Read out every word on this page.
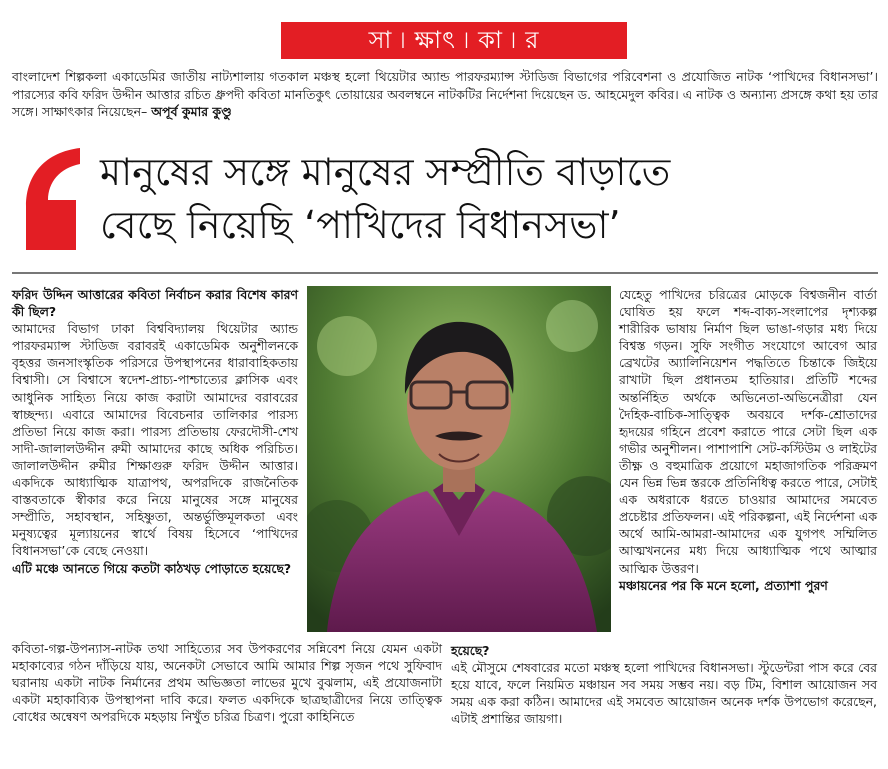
সা ৷ ক্ষাৎ ৷ কা ৷ র
বাংলাদেশ শিল্পকলা একাডেমির জাতীয় নাট্যশালায় গতকাল মঞ্চস্থ হলো থিয়েটার অ্যান্ড পারফরম্যান্স স্টাডিজ বিভাগের পরিবেশনা ও প্রযোজিত নাটক ‘পাখিদের বিধানসভা’। পারস্যের কবি ফরিদ উদ্দীন আত্তার রচিত ধ্রুপদী কবিতা মানতিকুৎ তোয়ায়ের অবলম্বনে নাটকটির নির্দেশনা দিয়েছেন ড. আহমেদুল কবির। এ নাটক ও অন্যান্য প্রসঙ্গে কথা হয় তার সঙ্গে। সাক্ষাৎকার নিয়েছেন– অপূর্ব কুমার কুণ্ডু
মানুষের সঙ্গে মানুষের সম্প্রীতি বাড়াতে
বেছে নিয়েছি ‘পাখিদের বিধানসভা’

ফরিদ উদ্দিন আত্তারের কবিতা নির্বাচন করার বিশেষ কারণ কী ছিল?

আমাদের বিভাগ ঢাকা বিশ্ববিদ্যালয় থিয়েটার অ্যান্ড পারফরম্যান্স স্টাডিজ বরাবরই একাডেমিক অনুশীলনকে বৃহত্তর জনসাংস্কৃতিক পরিসরে উপস্থাপনের ধারাবাহিকতায় বিশ্বাসী। সে বিশ্বাসে স্বদেশ-প্রাচ্য-পাশ্চাত্যের ক্লাসিক এবং আধুনিক সাহিত্য নিয়ে কাজ করাটা আমাদের বরাবরের স্বাচ্ছন্দ্য। এবারে আমাদের বিবেচনার তালিকার পারস্য প্রতিভা নিয়ে কাজ করা। পারস্য প্রতিভায় ফেরদৌসী-শেখ সাদী-জালালউদ্দীন রুমী আমাদের কাছে অধিক পরিচিত। জালালউদ্দীন রুমীর শিক্ষাগুরু ফরিদ উদ্দীন আত্তার। একদিকে আধ্যাত্মিক যাত্রাপথ, অপরদিকে রাজনৈতিক বাস্তবতাকে স্বীকার করে নিয়ে মানুষের সঙ্গে মানুষের সম্প্রীতি, সহাবস্থান, সহিষ্ণুতা, অন্তর্ভুক্তিমূলকতা এবং মনুষ্যত্বের মূল্যায়নের স্বার্থে বিষয় হিসেবে ‘পাখিদের বিধানসভা’কে বেছে নেওয়া।

এটি মঞ্চে আনতে গিয়ে কতটা কাঠখড় পোড়াতে হয়েছে?

যেহেতু পাখিদের চরিত্রের মোড়কে বিশ্বজনীন বার্তা ঘোষিত হয় ফলে শব্দ-বাক্য-সংলাপের দৃশ্যকল্প শারীরিক ভাষায় নির্মাণ ছিল ভাঙা-গড়ার মধ্য দিয়ে বিশ্বস্ত গড়ন। সুফি সংগীত সংযোগে আবেগ আর ব্রেখটের অ্যালিনিয়েশন পদ্ধতিতে চিন্তাকে জিইয়ে রাখাটা ছিল প্রধানতম হাতিয়ার। প্রতিটি শব্দের অন্তর্নিহিত অর্থকে অভিনেতা-অভিনেত্রীরা যেন দৈহিক-বাচিক-সাত্ত্বিক অবয়বে দর্শক-শ্রোতাদের হৃদয়ের গহিনে প্রবেশ করাতে পারে সেটা ছিল এক গভীর অনুশীলন। পাশাপাশি সেট-কস্টিউম ও লাইটের তীক্ষ্ণ ও বহুমাত্রিক প্রয়োগে মহাজাগতিক পরিক্রমণ যেন ভিন্ন ভিন্ন স্তরকে প্রতিনিধিত্ব করতে পারে, সেটাই এক অধরাকে ধরতে চাওয়ার আমাদের সমবেত প্রচেষ্টার প্রতিফলন। এই পরিকল্পনা, এই নির্দেশনা এক অর্থে আমি-আমরা-আমাদের এক যুগপৎ সম্মিলিত আত্মখননের মধ্য দিয়ে আধ্যাত্মিক পথে আত্মার আত্মিক উত্তরণ।

মঞ্চায়নের পর কি মনে হলো, প্রত্যাশা পুরণ

কবিতা-গল্প-উপন্যাস-নাটক তথা সাহিত্যের সব উপকরণের সন্নিবেশ নিয়ে যেমন একটা মহাকাব্যের গঠন দাঁড়িয়ে যায়, অনেকটা সেভাবে আমি আমার শিল্প সৃজন পথে সুফিবাদ ঘরানায় একটা নাটক নির্মানের প্রথম অভিজ্ঞতা লাভের মুখে বুঝলাম, এই প্রযোজনাটা একটা মহাকাব্যিক উপস্থাপনা দাবি করে। ফলত একদিকে ছাত্রছাত্রীদের নিয়ে তাত্ত্বিক বোধের অন্বেষণ অপরদিকে মহড়ায় নিখুঁত চরিত্র চিত্রণ। পুরো কাহিনিতে

হয়েছে?

এই মৌসুমে শেষবারের মতো মঞ্চস্থ হলো পাখিদের বিধানসভা। স্টুডেন্টরা পাস করে বের হয়ে যাবে, ফলে নিয়মিত মঞ্চায়ন সব সময় সম্ভব নয়। বড় টিম, বিশাল আয়োজন সব সময় এক করা কঠিন। আমাদের এই সমবেত আয়োজন অনেক দর্শক উপভোগ করেছেন, এটাই প্রশান্তির জায়গা।
